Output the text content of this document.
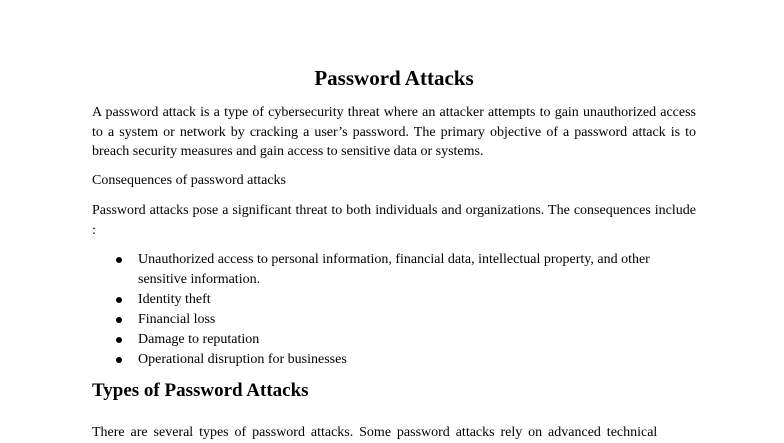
Password Attacks

A password attack is a type of cybersecurity threat where an attacker attempts to gain unauthorized access to a system or network by cracking a user’s password. The primary objective of a password attack is to breach security measures and gain access to sensitive data or systems.

Consequences of password attacks

Password attacks pose a significant threat to both individuals and organizations. The consequences include :

Unauthorized access to personal information, financial data, intellectual property, and other sensitive information.
Identity theft
Financial loss
Damage to reputation
Operational disruption for businesses
Types of Password Attacks

There are several types of password attacks. Some password attacks rely on advanced technical
